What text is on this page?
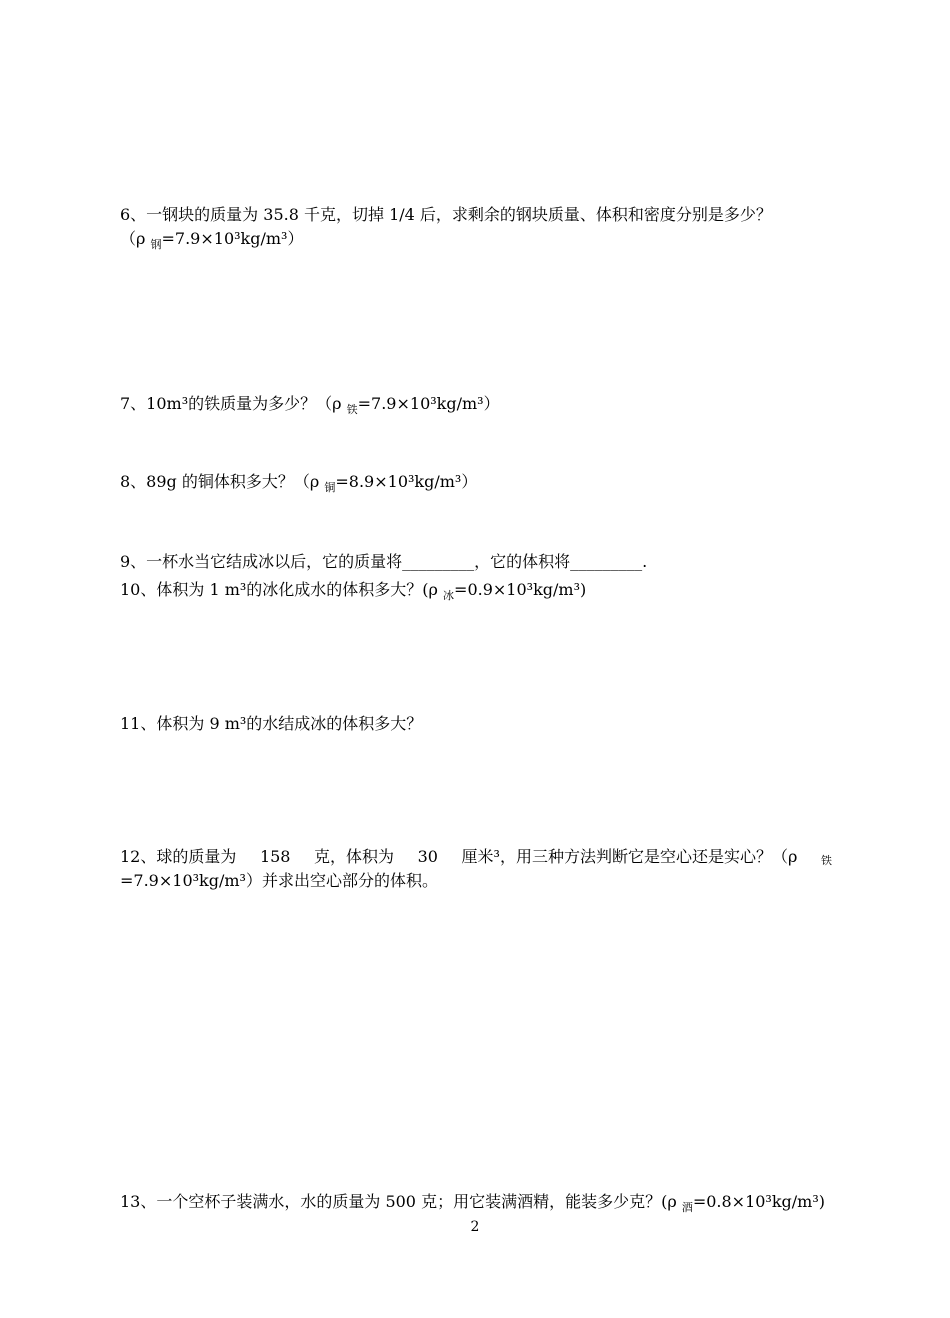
6、一钢块的质量为 35.8 千克，切掉 1/4 后，求剩余的钢块质量、体积和密度分别是多少？
（ρ $_钢$=7.9×10³kg/m³）
7、10m³的铁质量为多少？（ρ $_铁$=7.9×10³kg/m³）
8、89g 的铜体积多大？（ρ $_铜$=8.9×10³kg/m³）
9、一杯水当它结成冰以后，它的质量将_________，它的体积将_________.
10、体积为 1 m³的冰化成水的体积多大？(ρ $_冰$=0.9×10³kg/m³)
11、体积为 9 m³的水结成冰的体积多大？
12、球的质量为 158 克，体积为 30 厘米³，用三种方法判断它是空心还是实心？（ρ 铁
=7.9×10³kg/m³）并求出空心部分的体积。
13、一个空杯子装满水，水的质量为 500 克；用它装满酒精，能装多少克？(ρ $_酒$=0.8×10³kg/m³)
2
